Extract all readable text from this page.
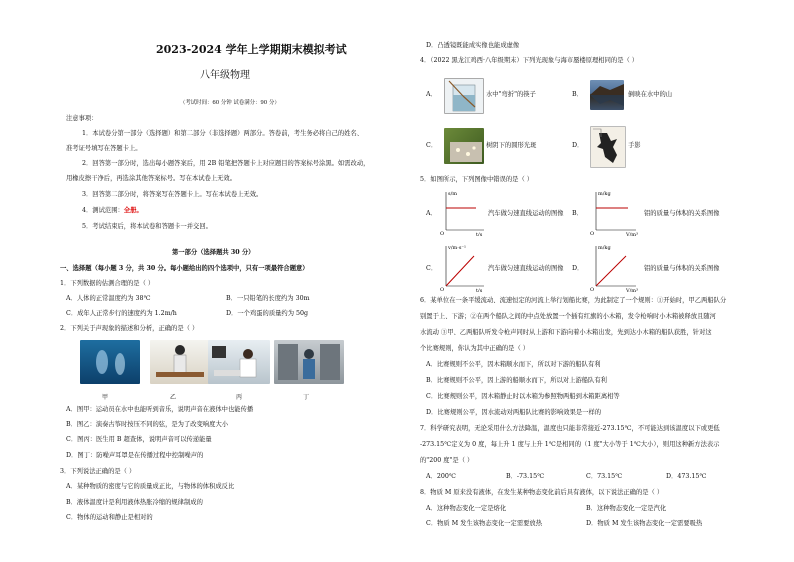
2023-2024 学年上学期期末模拟考试
八年级物理
（考试时间：60 分钟 试卷满分：90 分）
注意事项：
1．本试卷分第一部分（选择题）和第二部分（非选择题）两部分。答卷前，考生务必将自己的姓名、
准考证号填写在答题卡上。
2．回答第一部分时，选出每小题答案后，用 2B 铅笔把答题卡上对应题目的答案标号涂黑。如需改动，
用橡皮擦干净后，再选涂其他答案标号。写在本试卷上无效。
3．回答第二部分时，将答案写在答题卡上。写在本试卷上无效。
4．测试范围：全册。
5．考试结束后，将本试卷和答题卡一并交回。
第一部分（选择题共 30 分）
一、选择题（每小题 3 分，共 30 分。每小题给出的四个选项中，只有一项最符合题意）
1．下列数据的估测合理的是（ ）
A．人体的正常温度约为 38℃	B．一只铅笔的长度约为 30m
C．成年人正常步行的速度约为 1.2m/h	D．一个鸡蛋的质量约为 50g
2．下列关于声现象的描述和分析，正确的是（ ）
甲	乙	丙	丁
A．图甲：运动员在水中也能听到音乐，说明声音在液体中也能传播
B．图乙：演奏古筝时按压不同的弦，是为了改变响度大小
C．图丙：医生用 B 超查体，说明声音可以传递能量
D．图丁：防噪声耳罩是在传播过程中控制噪声的
3．下列说法正确的是（ ）
A．某种物质的密度与它的质量成正比，与物体的体积成反比
B．液体温度计是利用液体热胀冷缩的规律制成的
C．物体的运动和静止是相对的
D．凸透镜既能成实像也能成虚像
4．（2022 黑龙江鸡西·八年级期末）下列光现象与海市蜃楼原理相同的是（ ）
A．	水中"弯折"的筷子	B．	倒映在水中的山
C．	树阴下的圆形光斑	D．	手影
5．如图所示，下列图像中错误的是（ ）
A．
s/m
t/s
O
汽车做匀速直线运动的图像 B．
m/kg
V/m³
O
铝的质量与体积的关系图像
C．
v/m·s⁻¹
t/s
O
汽车做匀速直线运动的图像 D．
m/kg
V/m³
O
铝的质量与体积的关系图像
6．某单位在一条平缓流动、流速恒定的河流上举行划船比赛，为此制定了一个规则：①开始时，甲乙两船队分
别置于上、下游；②在两个船队之间的中点处放置一个插有红旗的小木箱，发令枪响时小木箱被释放且随河
水流动 ③甲、乙两船队听发令枪声同时从上游和下游向着小木箱出发，先到达小木箱的船队获胜，针对这
个比赛规则，你认为其中正确的是（ ）
A．比赛规则不公平，因木箱顺水而下，所以对下游的船队有利
B．比赛规则不公平，因上游的船顺水而下，所以对上游船队有利
C．比赛规则公平，因木箱静止时以木箱为参照物两船到木箱距离相等
D．比赛规则公平，因水流动对两船队比赛的影响效果是一样的
7．科学研究表明，无论采用什么方法降温，温度也只能非常接近-273.15℃，不可能达到该温度以下或更低
-273.15℃定义为 0 度，每上升 1 度与上升 1℃是相同的（1 度"大小等于 1℃大小），则用这种新方法表示
的"200 度"是（ ）
A．200℃	B．-73.15℃	C．73.15℃	D．473.15℃
8．物质 M 原来没有液体，在发生某种物态变化前后具有液体，以下说法正确的是（ ）
A．这种物态变化一定是熔化	B．这种物态变化一定是汽化
C．物质 M 发生该物态变化一定需要放热	D．物质 M 发生该物态变化一定需要吸热
